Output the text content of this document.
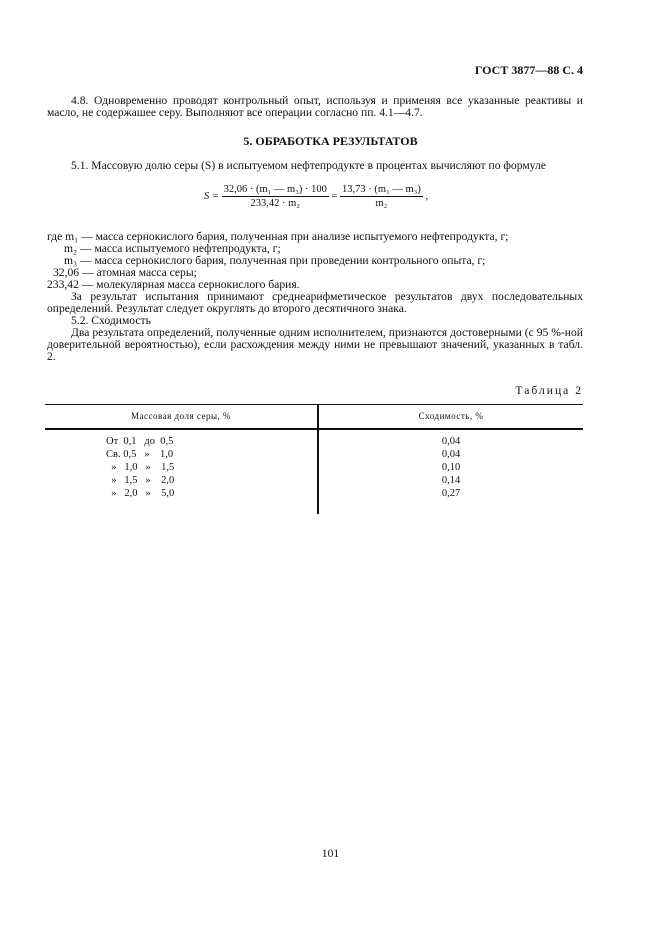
ГОСТ 3877—88 С. 4
4.8. Одновременно проводят контрольный опыт, используя и применяя все указанные реактивы и масло, не содержашее серу. Выполняют все операции согласно пп. 4.1—4.7.
5. ОБРАБОТКА РЕЗУЛЬТАТОВ
5.1. Массовую долю серы (S) в испытуемом нефтепродукте в процентах вычисляют по формуле
$S = \frac{\text{32,06 · (m₁ — m₃) · 100}}{\text{233,42 · m₂}} = \frac{\text{13,73 · (m₁ — m₃)}}{\text{m₂}}$ ,
где m₁ — масса сернокислого бария, полученная при анализе испытуемого нефтепродукта, г;
m₂ — масса испытуемого нефтепродукта, г;
m₃ — масса сернокислого бария, полученная при проведении контрольного опыта, г;
32,06 — атомная масса серы;
233,42 — молекулярная масса сернокислого бария.
За результат испытания принимают среднеарифметическое результатов двух последовательных определений. Результат следует округлять до второго десятичного знака.
5.2. Сходимость
Два результата определений, полученные одним исполнителем, признаются достоверными (с 95 %-ной доверительной вероятностью), если расхождения между ними не превышают значений, указанных в табл. 2.
Таблица 2
Массовая доля серы, %	Сходимость, %

От  0,1   до  0,5	0,04
Св. 0,5   »    1,0	0,04
»   1,0   »    1,5	0,10
»   1,5   »    2,0	0,14
»   2,0   »    5,0	0,27

101
